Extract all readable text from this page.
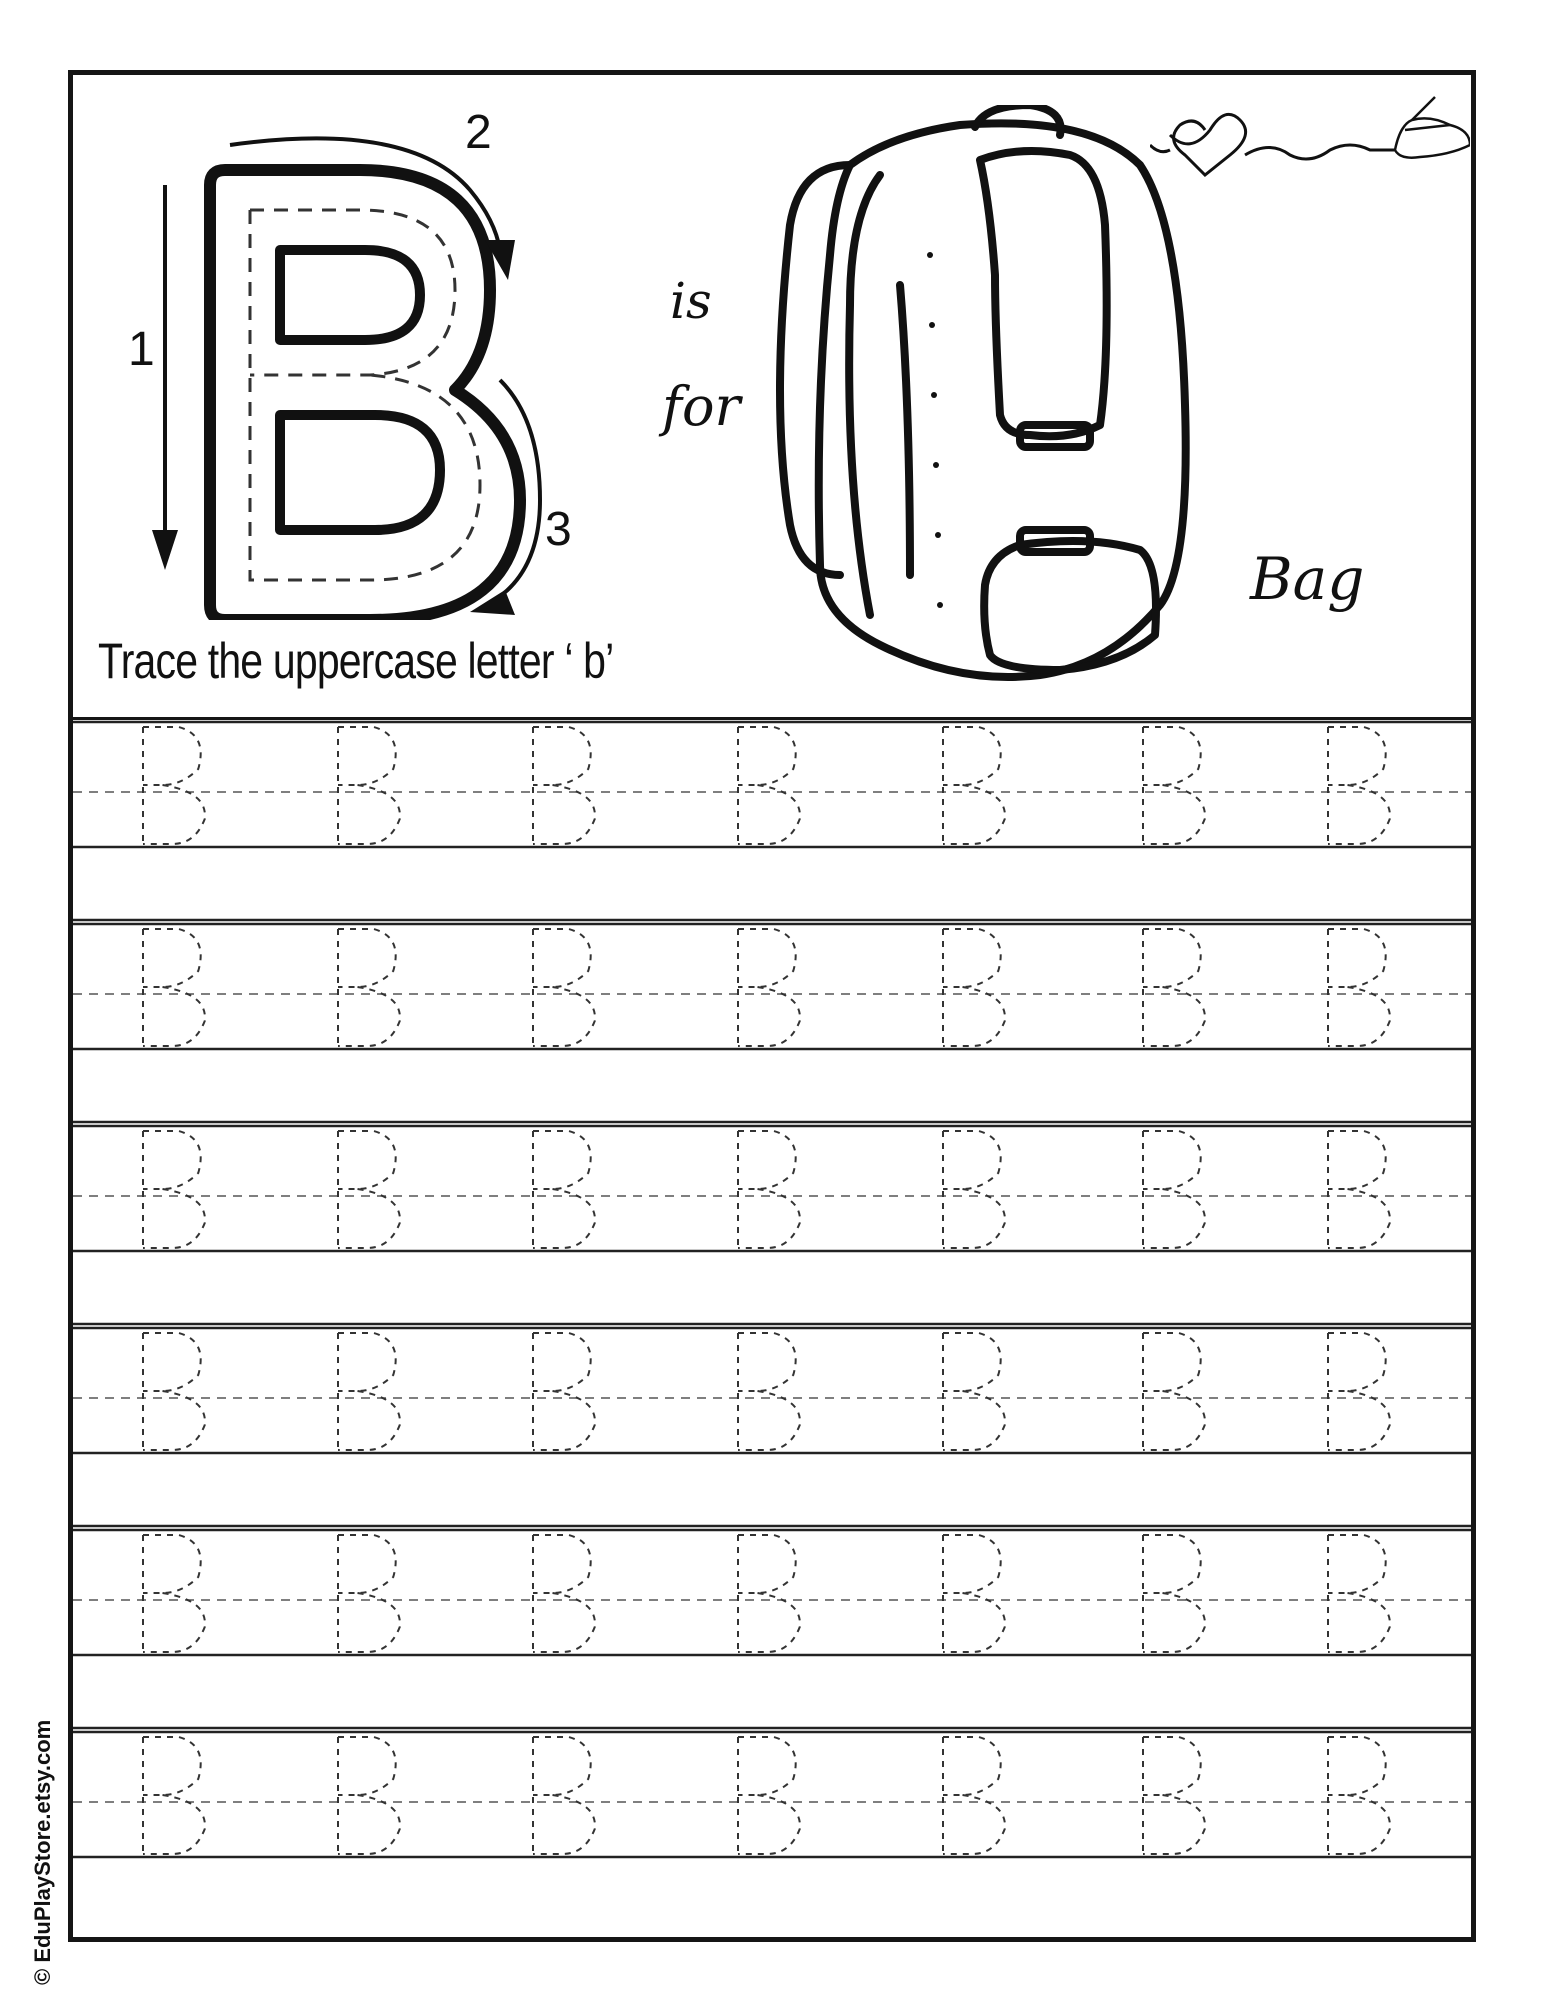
1
2
3
Trace the uppercase letter ‘ b’
is
for
Bag
© EduPlayStore.etsy.com
